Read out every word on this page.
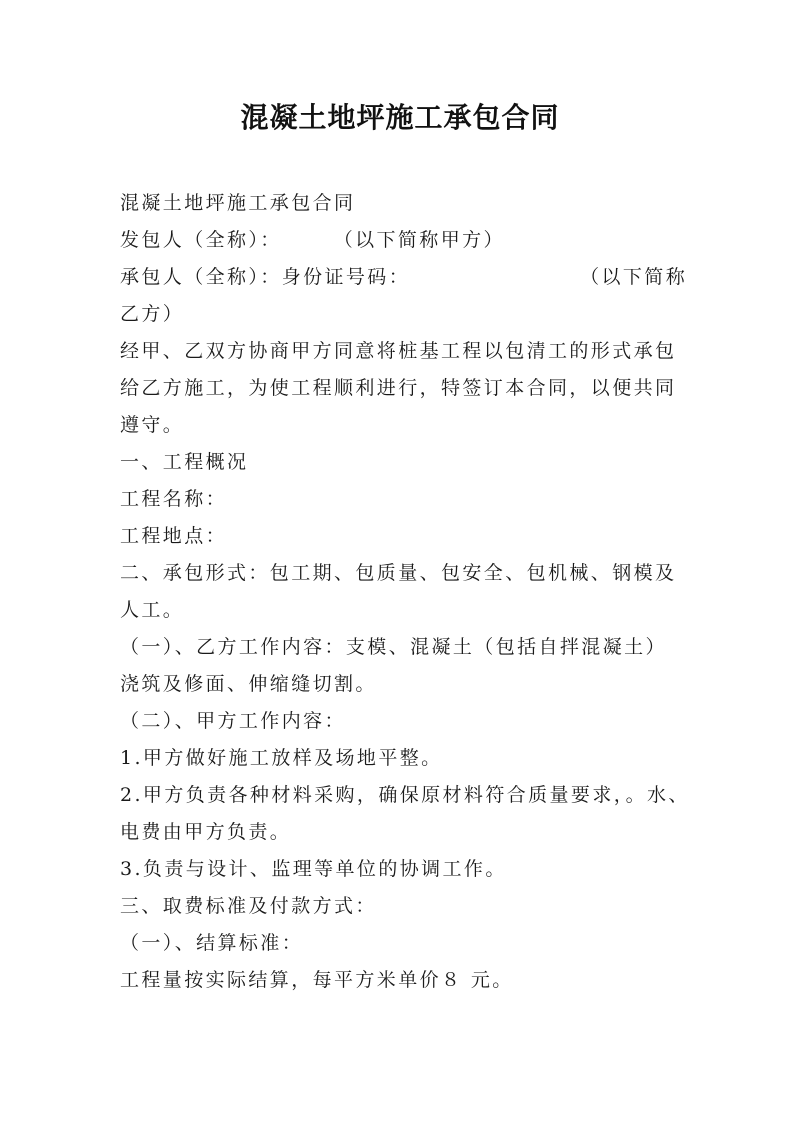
混凝土地坪施工承包合同
混凝土地坪施工承包合同
发包人（全称）：	（以下简称甲方）
承包人（全称）：身份证号码：	（以下简称
乙方）
经甲、乙双方协商甲方同意将桩基工程以包清工的形式承包
给乙方施工，为使工程顺利进行，特签订本合同，以便共同
遵守。
一、工程概况
工程名称：
工程地点：
二、承包形式：包工期、包质量、包安全、包机械、钢模及
人工。
（一）、乙方工作内容：支模、混凝土（包括自拌混凝土）
浇筑及修面、伸缩缝切割。
（二）、甲方工作内容：
1.甲方做好施工放样及场地平整。
2.甲方负责各种材料采购，确保原材料符合质量要求，。水、
电费由甲方负责。
3.负责与设计、监理等单位的协调工作。
三、取费标准及付款方式：
（一）、结算标准：
工程量按实际结算，每平方米单价８ 元。
